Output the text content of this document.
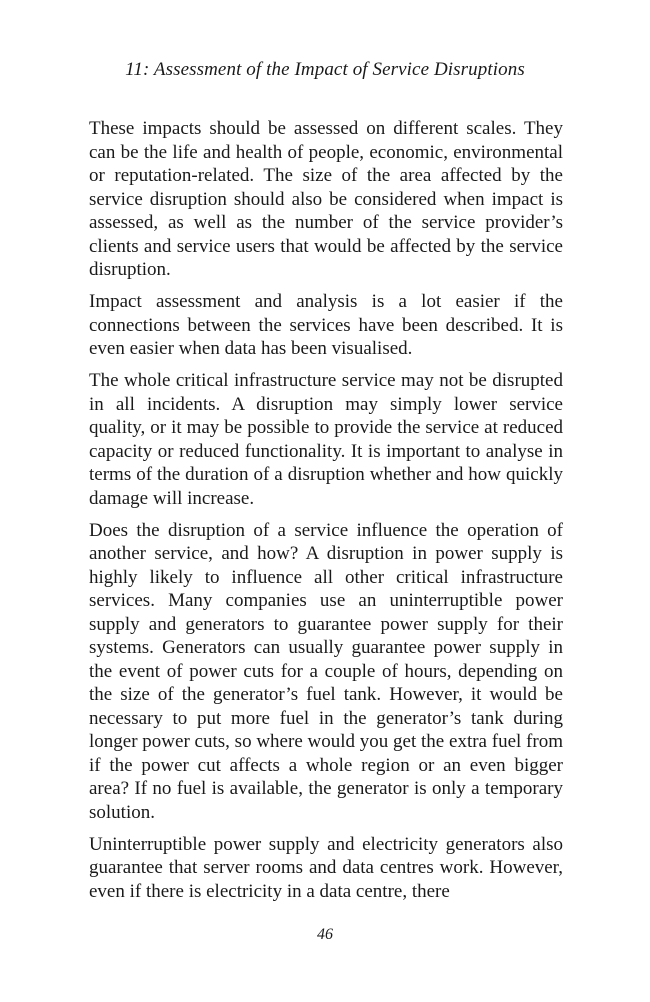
11: Assessment of the Impact of Service Disruptions

These impacts should be assessed on different scales. They can be the life and health of people, economic, environmental or reputation-related. The size of the area affected by the service disruption should also be considered when impact is assessed, as well as the number of the service provider’s clients and service users that would be affected by the service disruption.

Impact assessment and analysis is a lot easier if the connections between the services have been described. It is even easier when data has been visualised.

The whole critical infrastructure service may not be disrupted in all incidents. A disruption may simply lower service quality, or it may be possible to provide the service at reduced capacity or reduced functionality. It is important to analyse in terms of the duration of a disruption whether and how quickly damage will increase.

Does the disruption of a service influence the operation of another service, and how? A disruption in power supply is highly likely to influence all other critical infrastructure services. Many companies use an uninterruptible power supply and generators to guarantee power supply for their systems. Generators can usually guarantee power supply in the event of power cuts for a couple of hours, depending on the size of the generator’s fuel tank. However, it would be necessary to put more fuel in the generator’s tank during longer power cuts, so where would you get the extra fuel from if the power cut affects a whole region or an even bigger area? If no fuel is available, the generator is only a temporary solution.

Uninterruptible power supply and electricity generators also guarantee that server rooms and data centres work. However, even if there is electricity in a data centre, there

46
